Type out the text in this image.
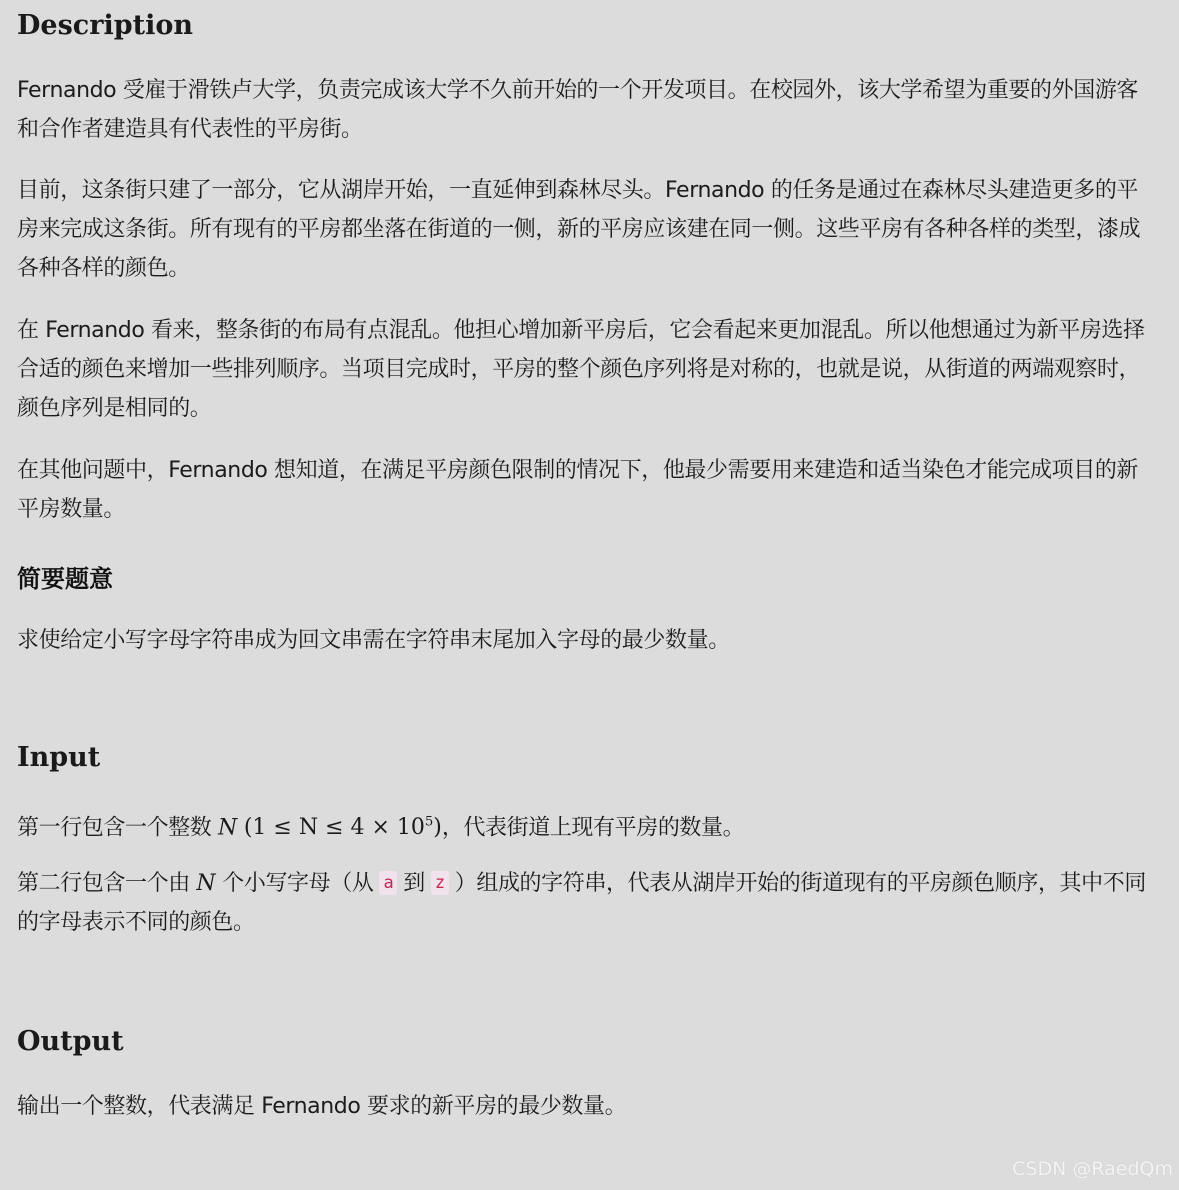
Description

Fernando 受雇于滑铁卢大学，负责完成该大学不久前开始的一个开发项目。在校园外，该大学希望为重要的外国游客和合作者建造具有代表性的平房街。

目前，这条街只建了一部分，它从湖岸开始，一直延伸到森林尽头。Fernando 的任务是通过在森林尽头建造更多的平房来完成这条街。所有现有的平房都坐落在街道的一侧，新的平房应该建在同一侧。这些平房有各种各样的类型，漆成各种各样的颜色。

在 Fernando 看来，整条街的布局有点混乱。他担心增加新平房后，它会看起来更加混乱。所以他想通过为新平房选择合适的颜色来增加一些排列顺序。当项目完成时，平房的整个颜色序列将是对称的，也就是说，从街道的两端观察时，颜色序列是相同的。

在其他问题中，Fernando 想知道，在满足平房颜色限制的情况下，他最少需要用来建造和适当染色才能完成项目的新平房数量。

简要题意

求使给定小写字母字符串成为回文串需在字符串末尾加入字母的最少数量。

Input

第一行包含一个整数 N $(1 \le N \le 4 \times 10^5)$，代表街道上现有平房的数量。

第二行包含一个由 N 个小写字母（从 a 到 z ）组成的字符串，代表从湖岸开始的街道现有的平房颜色顺序，其中不同的字母表示不同的颜色。

Output

输出一个整数，代表满足 Fernando 要求的新平房的最少数量。

CSDN @RaedQm
